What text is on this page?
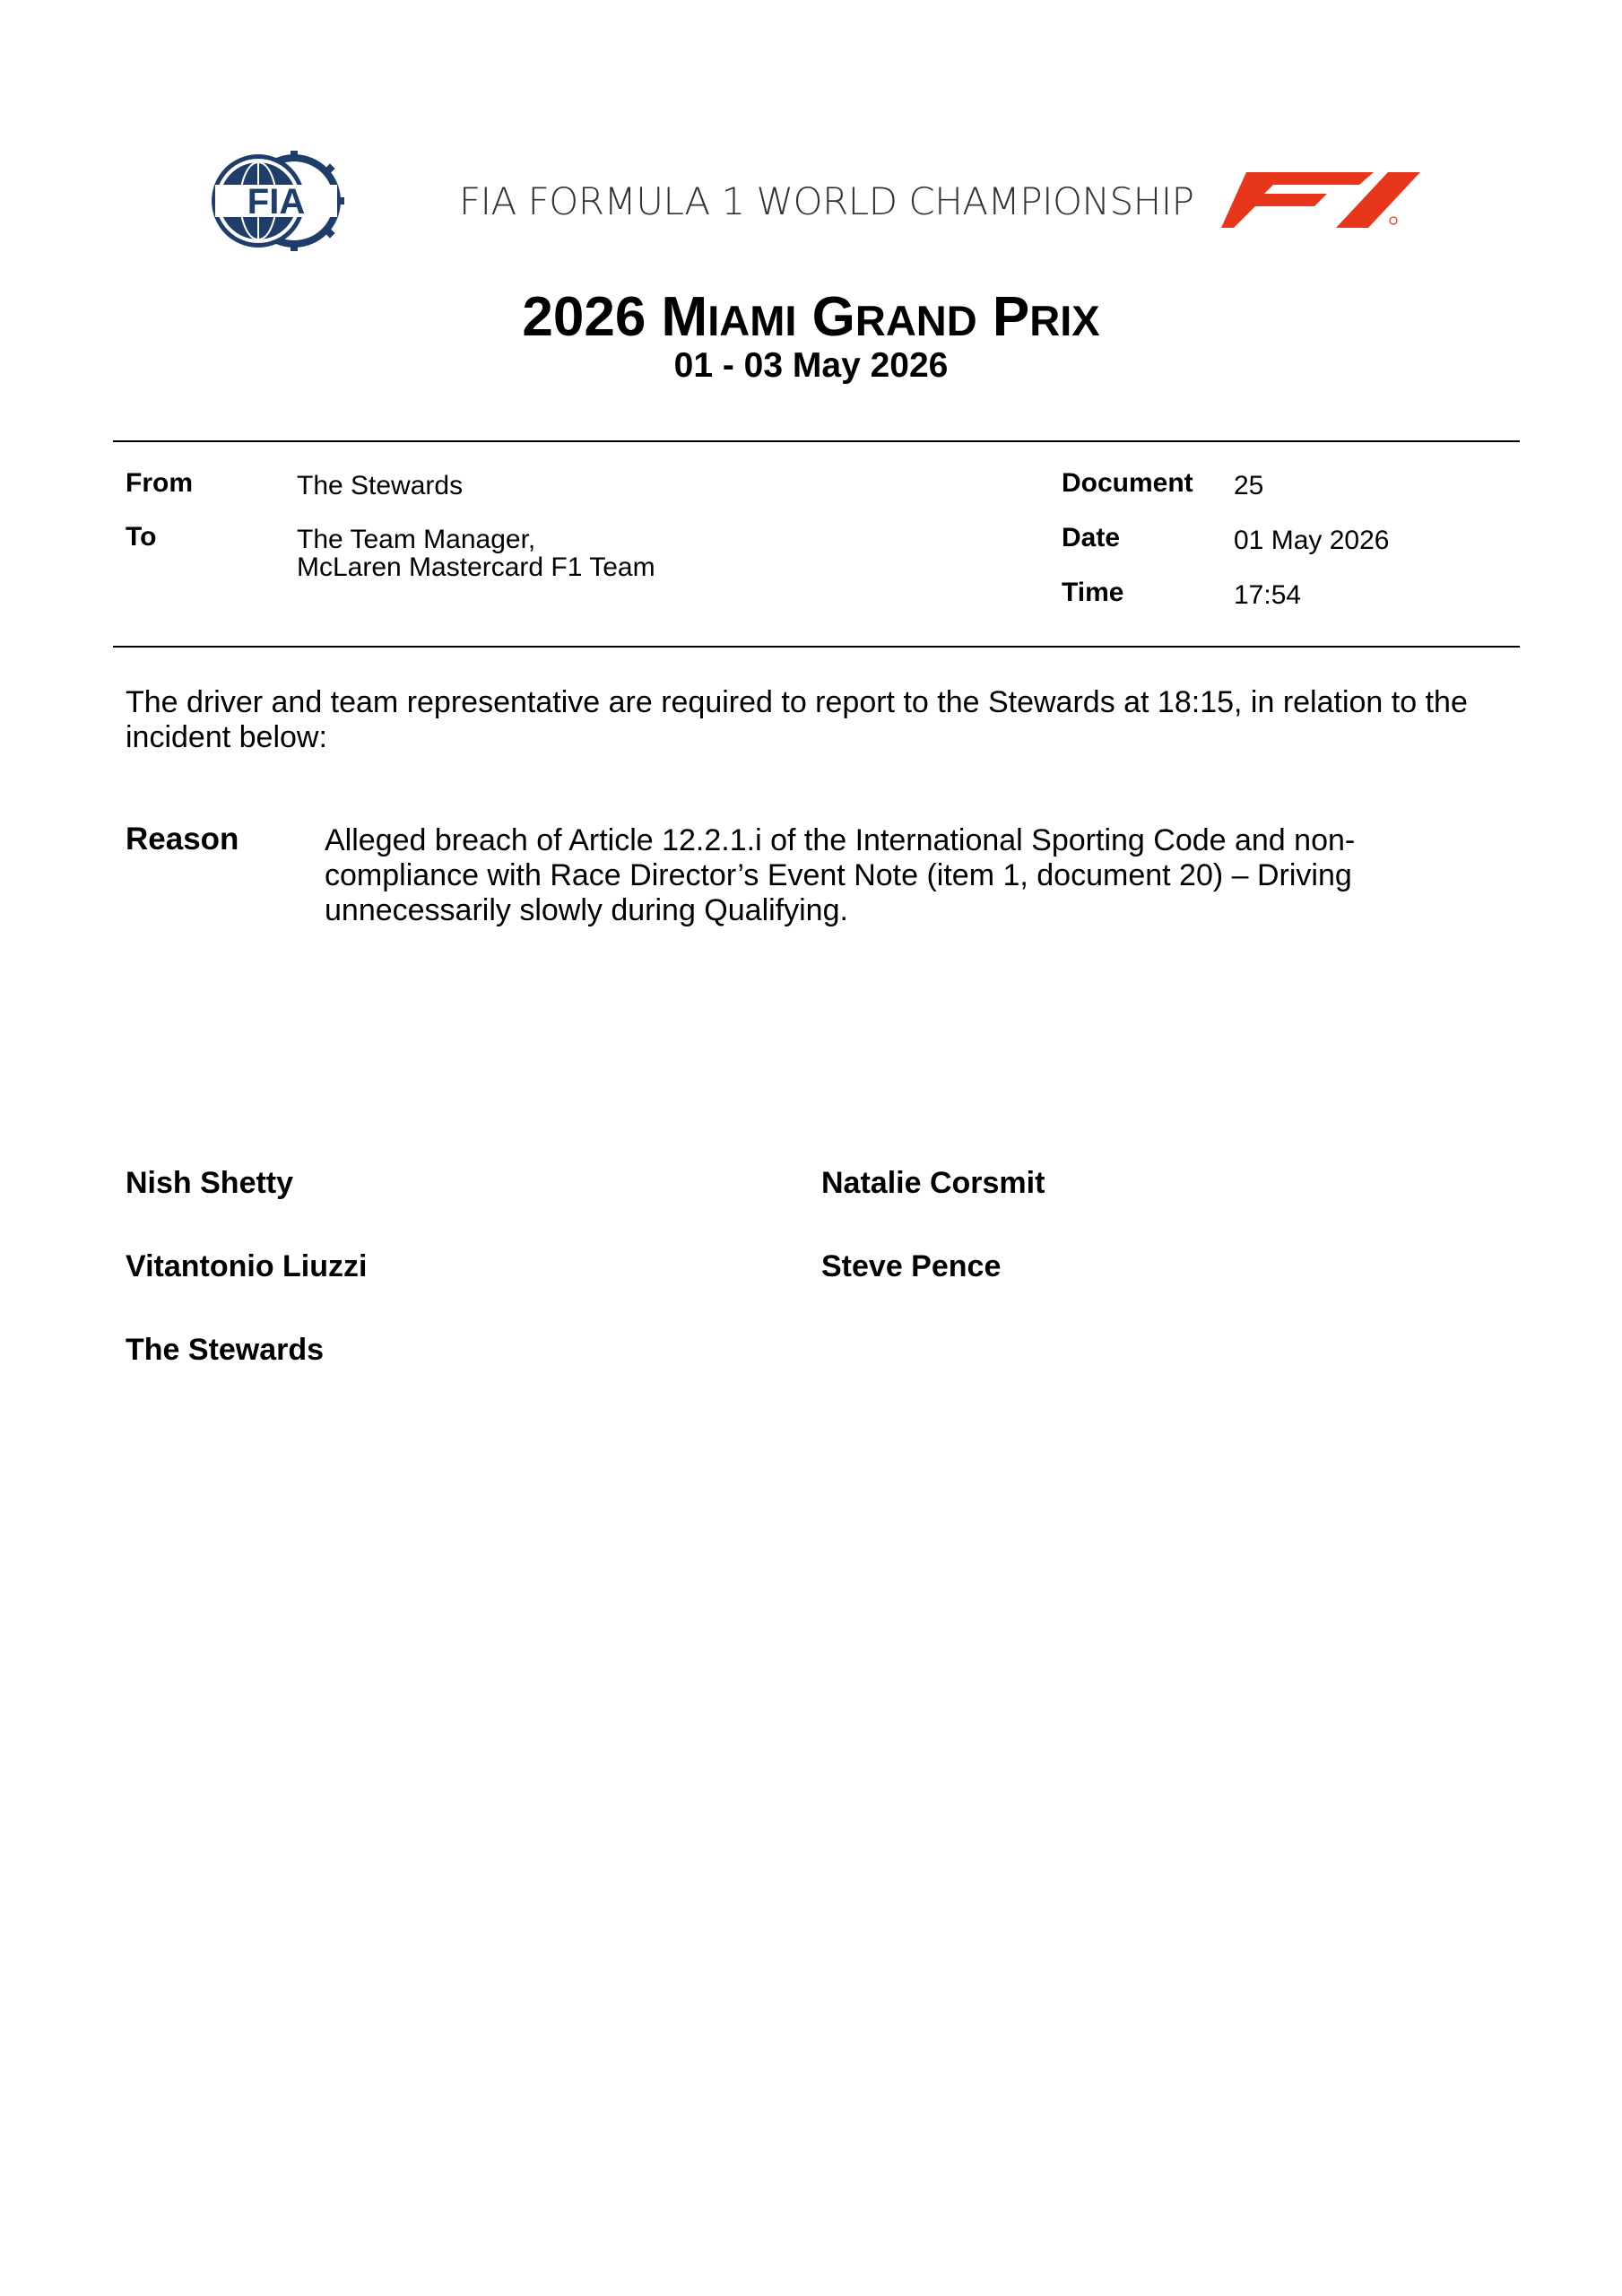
FIA	FIA FORMULA 1 WORLD CHAMPIONSHIP
2026 MIAMI GRAND PRIX
01 - 03 May 2026
From	The Stewards
To	The Team Manager,
McLaren Mastercard F1 Team
Document 25
Date	01 May 2026
Time	17:54
The driver and team representative are required to report to the Stewards at 18:15, in relation to the incident below:
Reason	Alleged breach of Article 12.2.1.i of the International Sporting Code and non-
compliance with Race Director’s Event Note (item 1, document 20) – Driving
unnecessarily slowly during Qualifying.
Nish Shetty	Natalie Corsmit
Vitantonio Liuzzi	Steve Pence
The Stewards
